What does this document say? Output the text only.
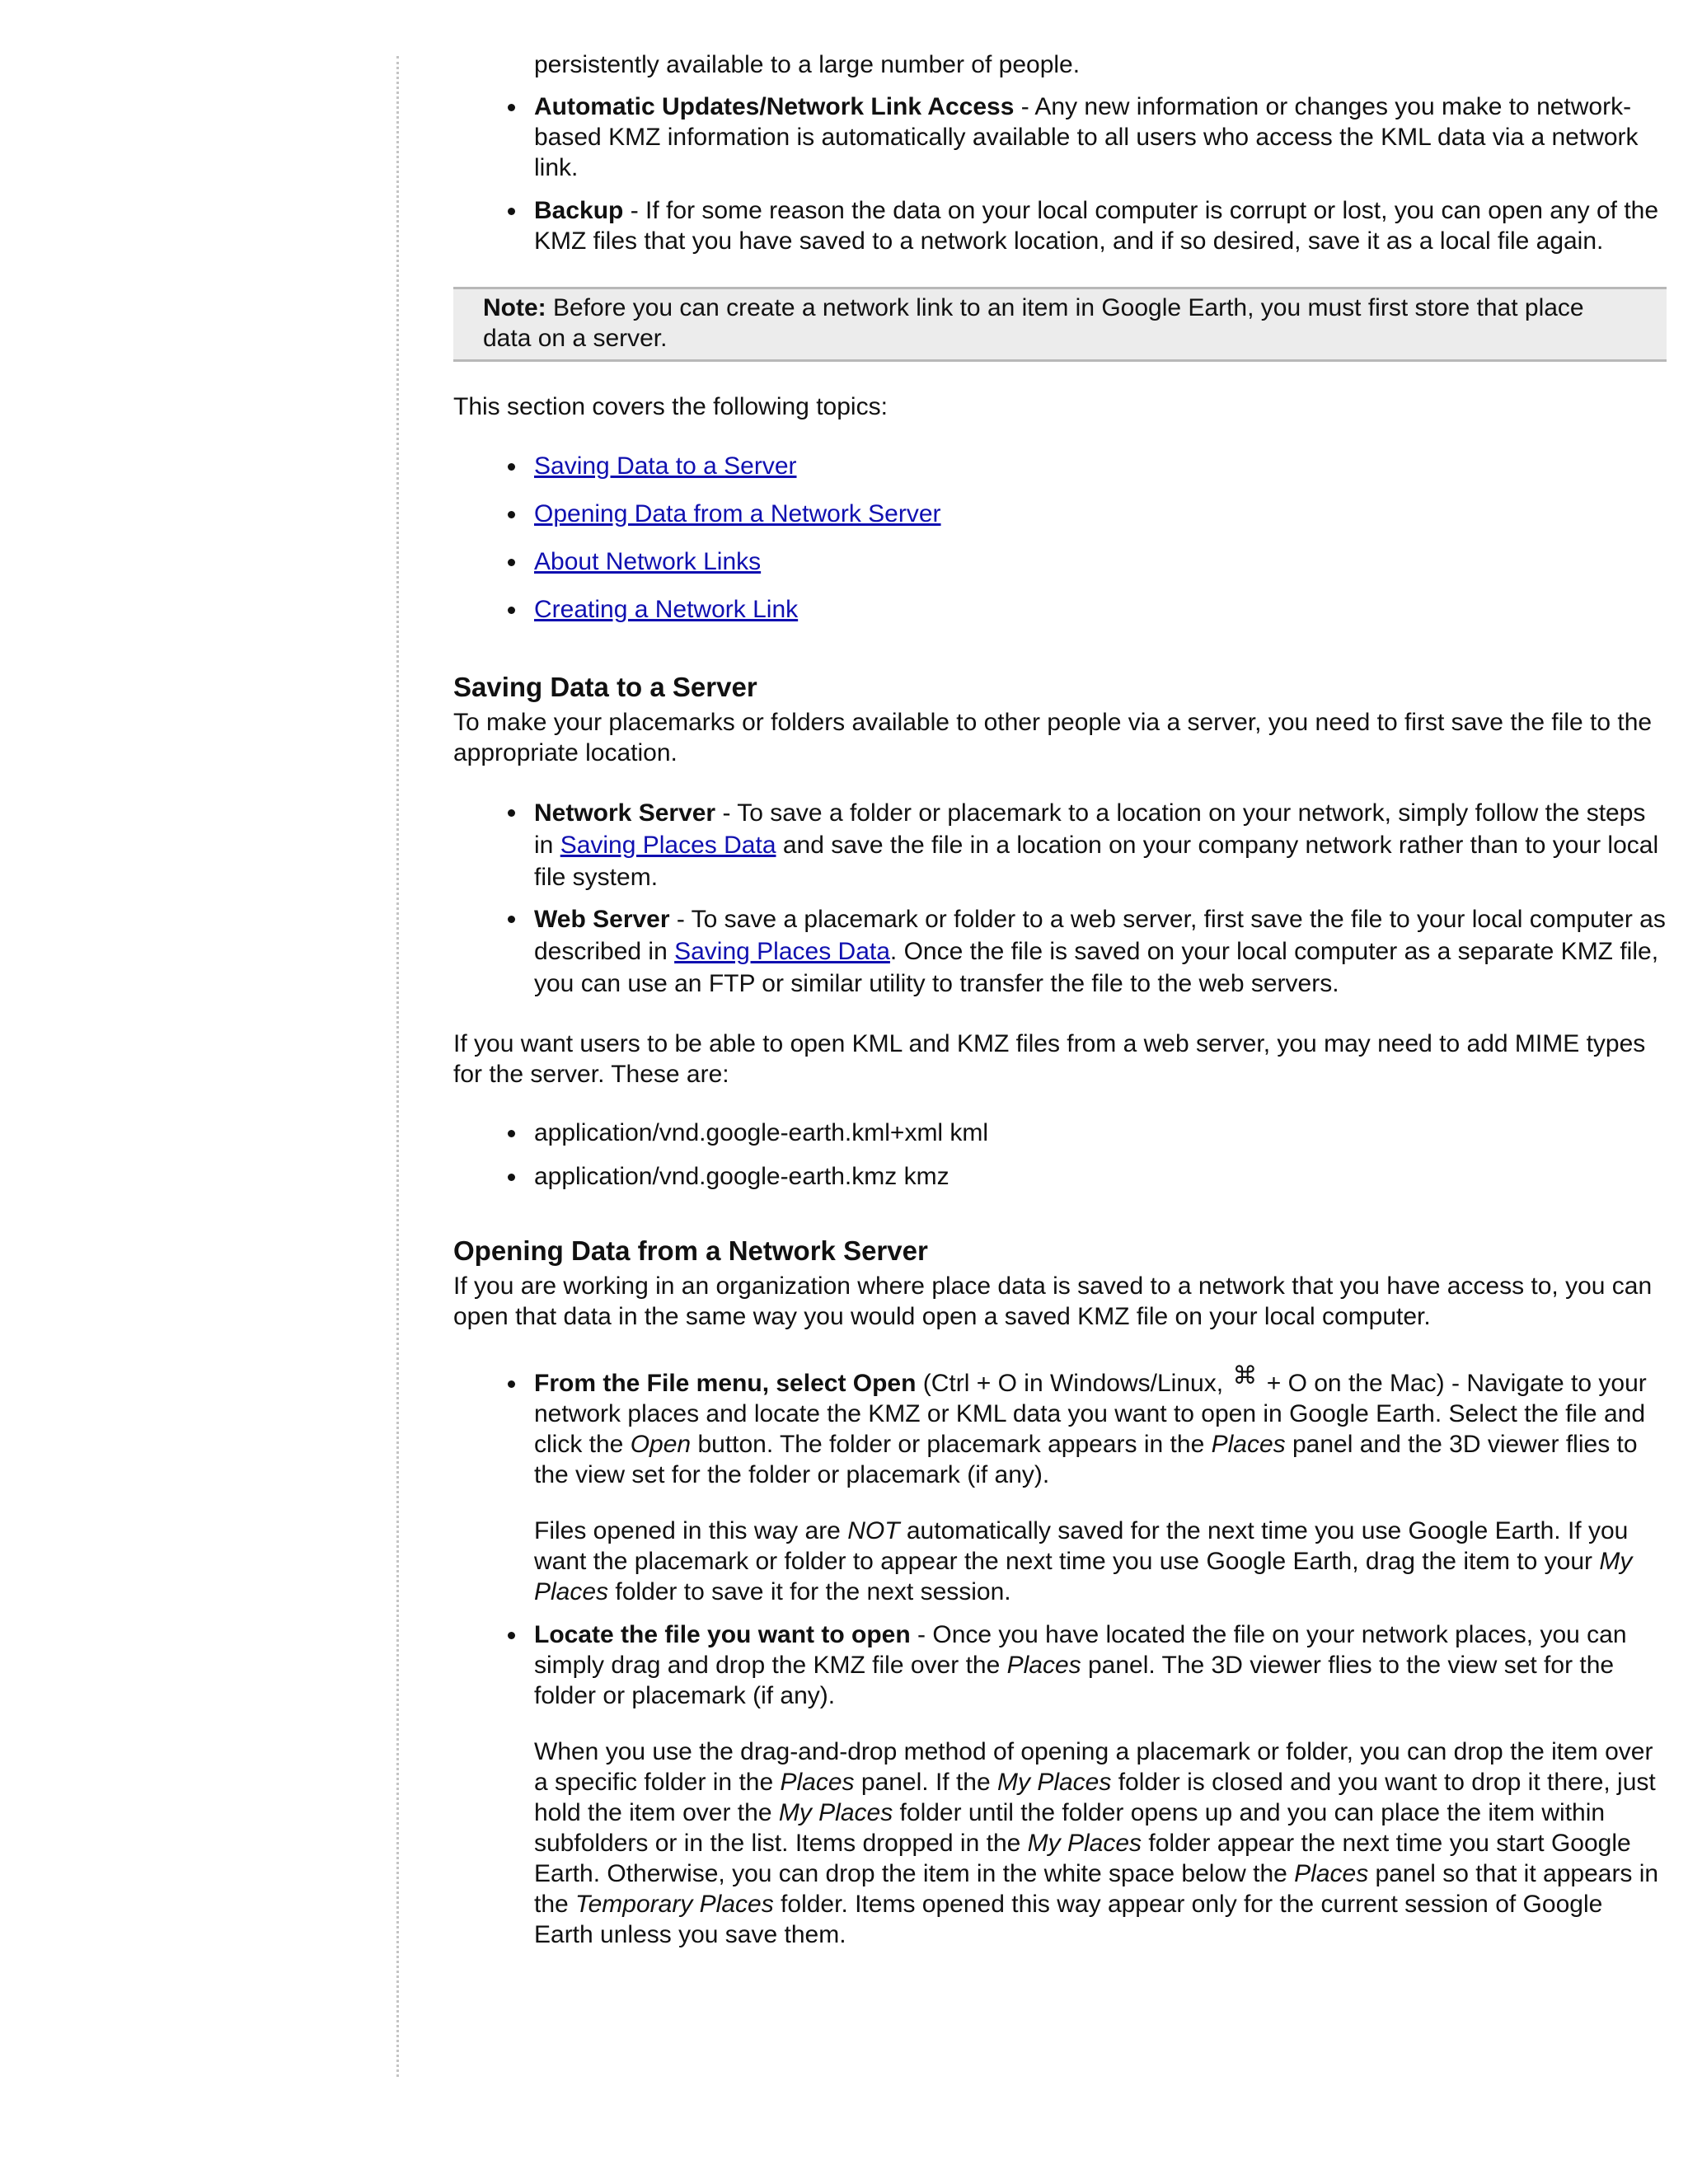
persistently available to a large number of people.

Automatic Updates/Network Link Access - Any new information or changes you make to network-based KMZ information is automatically available to all users who access the KML data via a network link.
Backup - If for some reason the data on your local computer is corrupt or lost, you can open any of the KMZ files that you have saved to a network location, and if so desired, save it as a local file again.
Note: Before you can create a network link to an item in Google Earth, you must first store that place data on a server.

This section covers the following topics:

Saving Data to a Server
Opening Data from a Network Server
About Network Links
Creating a Network Link
Saving Data to a Server

To make your placemarks or folders available to other people via a server, you need to first save the file to the appropriate location.

Network Server - To save a folder or placemark to a location on your network, simply follow the steps in Saving Places Data and save the file in a location on your company network rather than to your local file system.
Web Server - To save a placemark or folder to a web server, first save the file to your local computer as described in Saving Places Data. Once the file is saved on your local computer as a separate KMZ file, you can use an FTP or similar utility to transfer the file to the web servers.

If you want users to be able to open KML and KMZ files from a web server, you may need to add MIME types for the server. These are:

application/vnd.google-earth.kml+xml kml
application/vnd.google-earth.kmz kmz
Opening Data from a Network Server

If you are working in an organization where place data is saved to a network that you have access to, you can open that data in the same way you would open a saved KMZ file on your local computer.

From the File menu, select Open (Ctrl + O in Windows/Linux, ⌘ + O on the Mac) - Navigate to your network places and locate the KMZ or KML data you want to open in Google Earth. Select the file and click the Open button. The folder or placemark appears in the Places panel and the 3D viewer flies to the view set for the folder or placemark (if any).

Files opened in this way are NOT automatically saved for the next time you use Google Earth. If you want the placemark or folder to appear the next time you use Google Earth, drag the item to your My Places folder to save it for the next session.

Locate the file you want to open - Once you have located the file on your network places, you can simply drag and drop the KMZ file over the Places panel. The 3D viewer flies to the view set for the folder or placemark (if any).

When you use the drag-and-drop method of opening a placemark or folder, you can drop the item over a specific folder in the Places panel. If the My Places folder is closed and you want to drop it there, just hold the item over the My Places folder until the folder opens up and you can place the item within subfolders or in the list. Items dropped in the My Places folder appear the next time you start Google Earth. Otherwise, you can drop the item in the white space below the Places panel so that it appears in the Temporary Places folder. Items opened this way appear only for the current session of Google Earth unless you save them.
